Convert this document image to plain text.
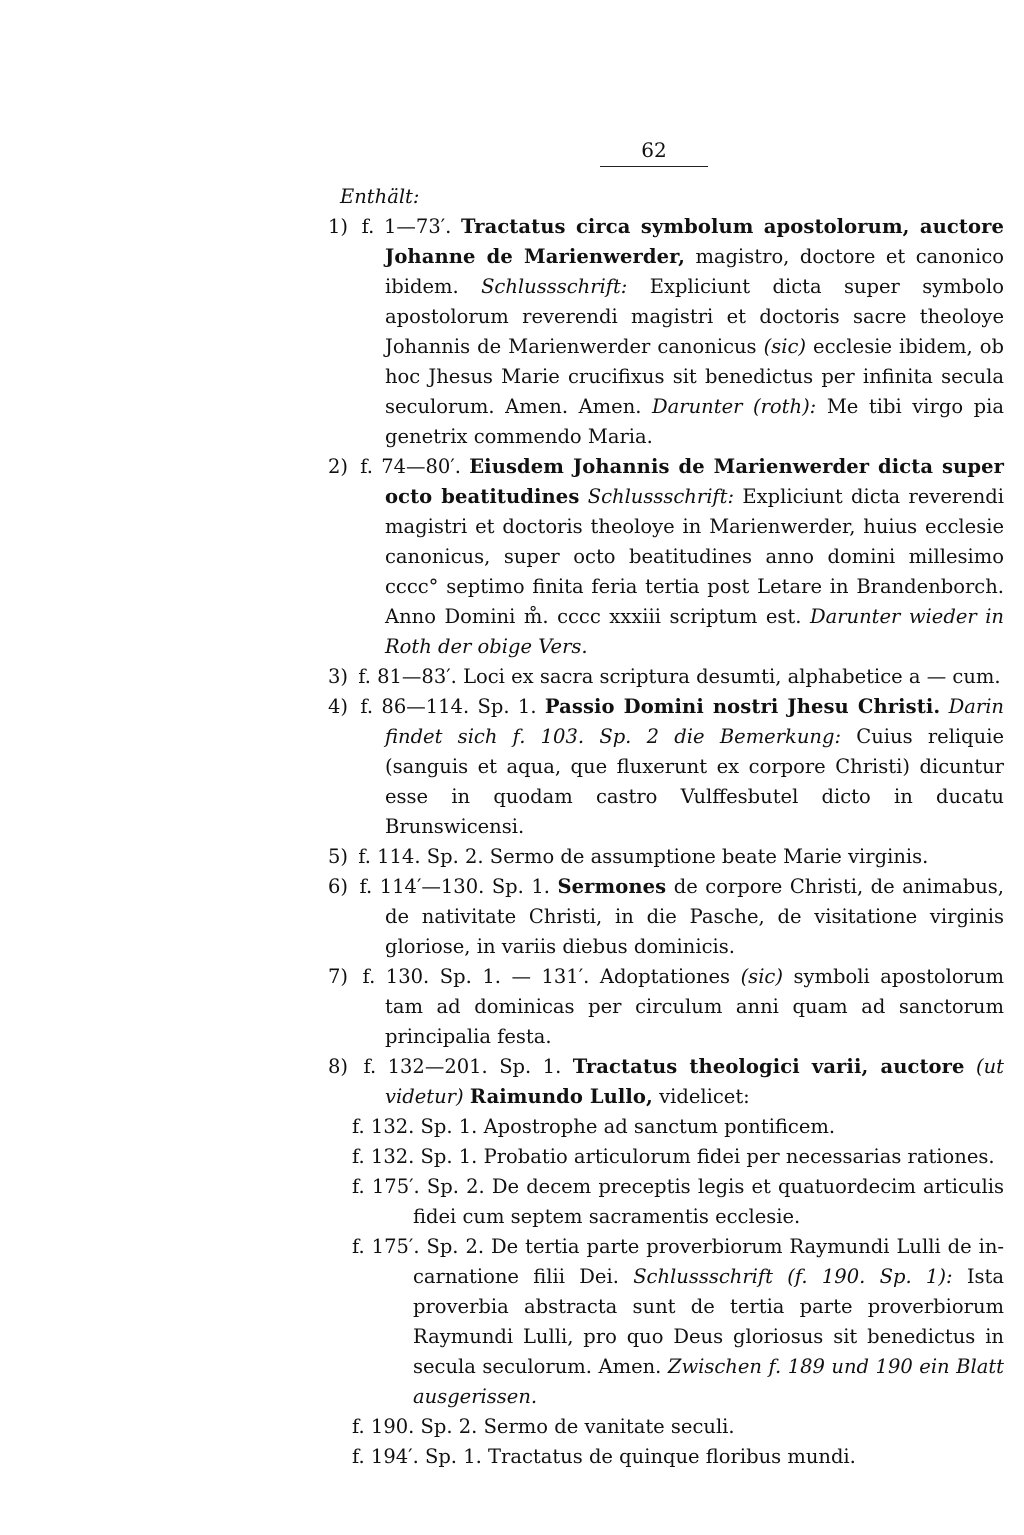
62
Enthält:
1) f. 1—73′. Tractatus circa symbolum apostolorum, auctore Johanne de Marienwerder, magistro, doctore et canonico ibidem. Schlussschrift: Expliciunt dicta super symbolo apostolorum reverendi magistri et doctoris sacre theoloye Johannis de Marienwerder canonicus (sic) ecclesie ibidem, ob hoc Jhesus Marie crucifixus sit benedictus per infinita secula seculorum. Amen. Amen. Darunter (roth): Me tibi virgo pia genetrix commendo Maria.
2) f. 74—80′. Eiusdem Johannis de Marienwerder dicta super octo beatitudines Schlussschrift: Expliciunt dicta reverendi magistri et doctoris theoloye in Marienwerder, huius ecclesie canonicus, super octo beatitudines anno domini millesimo cccc° septimo finita feria tertia post Letare in Brandenborch. Anno Domini m̊. cccc xxxiii scriptum est. Darunter wieder in Roth der obige Vers.
3) f. 81—83′. Loci ex sacra scriptura desumti, alphabetice a — cum.
4) f. 86—114. Sp. 1. Passio Domini nostri Jhesu Christi. Darin findet sich f. 103. Sp. 2 die Bemerkung: Cuius reliquie (sanguis et aqua, que fluxerunt ex corpore Christi) dicuntur esse in quodam castro Vulffesbutel dicto in ducatu Brunswicensi.
5) f. 114. Sp. 2. Sermo de assumptione beate Marie virginis.
6) f. 114′—130. Sp. 1. Sermones de corpore Christi, de animabus, de nativitate Christi, in die Pasche, de visitatione virginis gloriose, in variis diebus dominicis.
7) f. 130. Sp. 1. — 131′. Adoptationes (sic) symboli apostolorum tam ad dominicas per circulum anni quam ad sanctorum principalia festa.
8) f. 132—201. Sp. 1. Tractatus theologici varii, auctore (ut videtur) Raimundo Lullo, videlicet:
f. 132. Sp. 1. Apostrophe ad sanctum pontificem.
f. 132. Sp. 1. Probatio articulorum fidei per necessarias rationes.
f. 175′. Sp. 2. De decem preceptis legis et quatuordecim articulis fidei cum septem sacramentis ecclesie.
f. 175′. Sp. 2. De tertia parte proverbiorum Raymundi Lulli de incarnatione filii Dei. Schlussschrift (f. 190. Sp. 1): Ista proverbia abstracta sunt de tertia parte proverbiorum Raymundi Lulli, pro quo Deus gloriosus sit benedictus in secula seculorum. Amen. Zwischen f. 189 und 190 ein Blatt ausgerissen.
f. 190. Sp. 2. Sermo de vanitate seculi.
f. 194′. Sp. 1. Tractatus de quinque floribus mundi.
